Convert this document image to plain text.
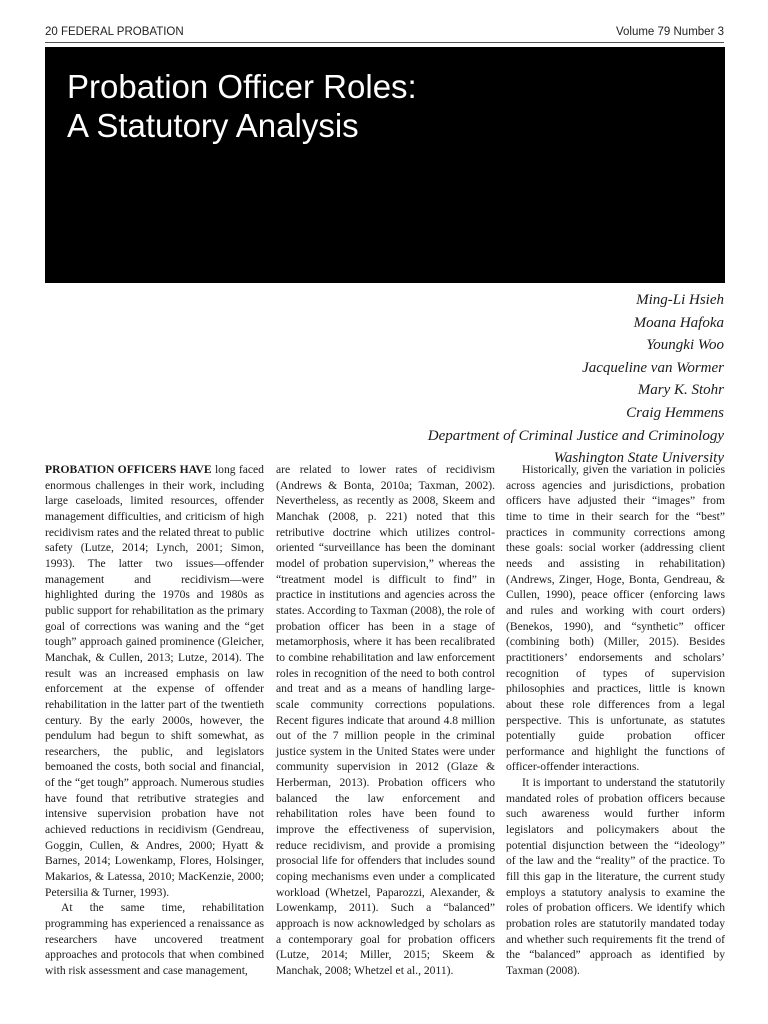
20 FEDERAL PROBATION	Volume 79 Number 3
Probation Officer Roles:
A Statutory Analysis
Ming-Li Hsieh
Moana Hafoka
Youngki Woo
Jacqueline van Wormer
Mary K. Stohr
Craig Hemmens
Department of Criminal Justice and Criminology
Washington State University

PROBATION OFFICERS HAVE long faced enormous challenges in their work, including large caseloads, limited resources, offender management difficulties, and criticism of high recidivism rates and the related threat to public safety (Lutze, 2014; Lynch, 2001; Simon, 1993). The latter two issues—offender management and recidivism—were highlighted during the 1970s and 1980s as public support for rehabilitation as the primary goal of corrections was waning and the “get tough” approach gained prominence (Gleicher, Manchak, & Cullen, 2013; Lutze, 2014). The result was an increased emphasis on law enforcement at the expense of offender rehabilitation in the latter part of the twentieth century. By the early 2000s, however, the pendulum had begun to shift somewhat, as researchers, the public, and legislators bemoaned the costs, both social and financial, of the “get tough” approach. Numerous studies have found that retributive strategies and intensive supervision probation have not achieved reductions in recidivism (Gendreau, Goggin, Cullen, & Andres, 2000; Hyatt & Barnes, 2014; Lowenkamp, Flores, Holsinger, Makarios, & Latessa, 2010; MacKenzie, 2000; Petersilia & Turner, 1993).

At the same time, rehabilitation programming has experienced a renaissance as researchers have uncovered treatment approaches and protocols that when combined with risk assessment and case management,

are related to lower rates of recidivism (Andrews & Bonta, 2010a; Taxman, 2002). Nevertheless, as recently as 2008, Skeem and Manchak (2008, p. 221) noted that this retributive doctrine which utilizes control-oriented “surveillance has been the dominant model of probation supervision,” whereas the “treatment model is difficult to find” in practice in institutions and agencies across the states. According to Taxman (2008), the role of probation officer has been in a stage of metamorphosis, where it has been recalibrated to combine rehabilitation and law enforcement roles in recognition of the need to both control and treat and as a means of handling large-scale community corrections populations. Recent figures indicate that around 4.8 million out of the 7 million people in the criminal justice system in the United States were under community supervision in 2012 (Glaze & Herberman, 2013). Probation officers who balanced the law enforcement and rehabilitation roles have been found to improve the effectiveness of supervision, reduce recidivism, and provide a promising prosocial life for offenders that includes sound coping mechanisms even under a complicated workload (Whetzel, Paparozzi, Alexander, & Lowenkamp, 2011). Such a “balanced” approach is now acknowledged by scholars as a contemporary goal for probation officers (Lutze, 2014; Miller, 2015; Skeem & Manchak, 2008; Whetzel et al., 2011).

Historically, given the variation in policies across agencies and jurisdictions, probation officers have adjusted their “images” from time to time in their search for the “best” practices in community corrections among these goals: social worker (addressing client needs and assisting in rehabilitation) (Andrews, Zinger, Hoge, Bonta, Gendreau, & Cullen, 1990), peace officer (enforcing laws and rules and working with court orders) (Benekos, 1990), and “synthetic” officer (combining both) (Miller, 2015). Besides practitioners’ endorsements and scholars’ recognition of types of supervision philosophies and practices, little is known about these role differences from a legal perspective. This is unfortunate, as statutes potentially guide probation officer performance and highlight the functions of officer-offender interactions.

It is important to understand the statutorily mandated roles of probation officers because such awareness would further inform legislators and policymakers about the potential disjunction between the “ideology” of the law and the “reality” of the practice. To fill this gap in the literature, the current study employs a statutory analysis to examine the roles of probation officers. We identify which probation roles are statutorily mandated today and whether such requirements fit the trend of the “balanced” approach as identified by Taxman (2008).
